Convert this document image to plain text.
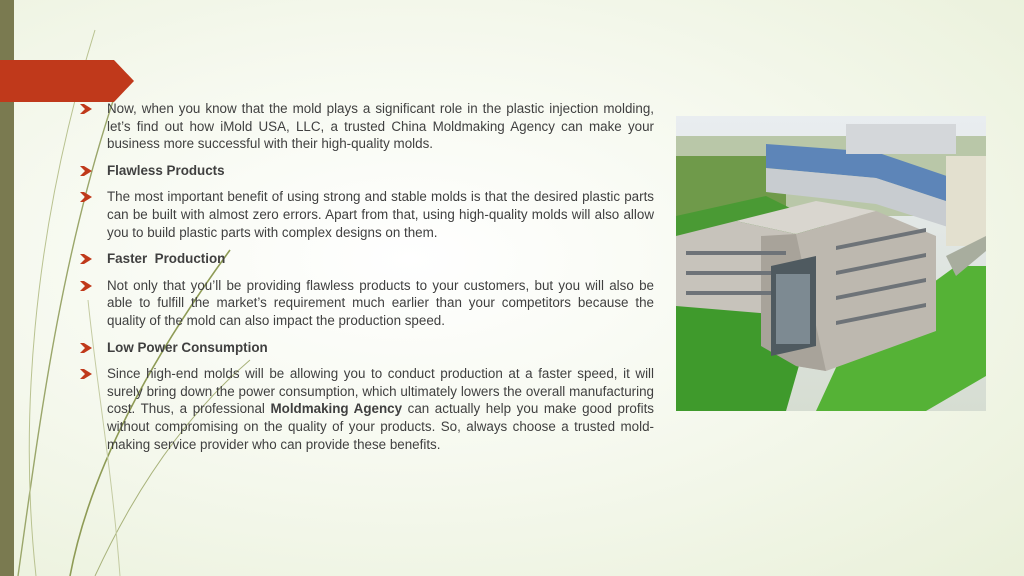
Now, when you know that the mold plays a significant role in the plastic injection molding, let’s find out how iMold USA, LLC, a trusted China Moldmaking Agency can make your business more successful with their high-quality molds.
Flawless Products
The most important benefit of using strong and stable molds is that the desired plastic parts can be built with almost zero errors. Apart from that, using high-quality molds will also allow you to build plastic parts with complex designs on them.
Faster  Production
Not only that you’ll be providing flawless products to your customers, but you will also be able to fulfill the market’s requirement much earlier than your competitors because the quality of the mold can also impact the production speed.
Low Power Consumption
Since high-end molds will be allowing you to conduct production at a faster speed, it will surely bring down the power consumption, which ultimately lowers the overall manufacturing cost. Thus, a professional Moldmaking Agency can actually help you make good profits without compromising on the quality of your products. So, always choose a trusted mold-making service provider who can provide these benefits.
